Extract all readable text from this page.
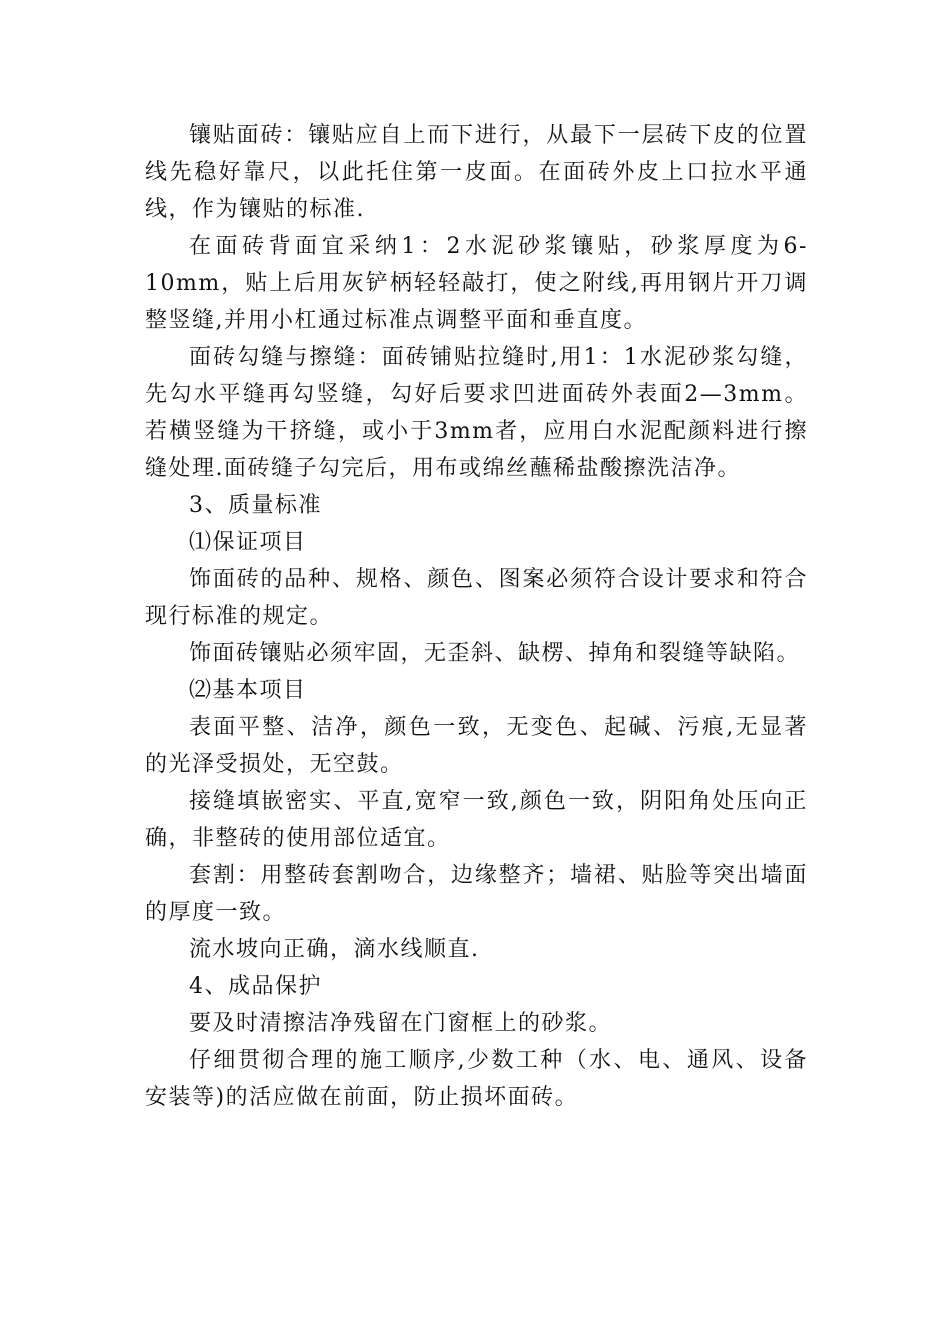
镶贴面砖：镶贴应自上而下进行，从最下一层砖下皮的位置线先稳好靠尺，以此托住第一皮面。在面砖外皮上口拉水平通线，作为镶贴的标准.

在面砖背面宜采纳1：2水泥砂浆镶贴，砂浆厚度为6-10mm，贴上后用灰铲柄轻轻敲打，使之附线,再用钢片开刀调整竖缝,并用小杠通过标准点调整平面和垂直度。

面砖勾缝与擦缝：面砖铺贴拉缝时,用1：1水泥砂浆勾缝，先勾水平缝再勾竖缝，勾好后要求凹进面砖外表面2—3mm。若横竖缝为干挤缝，或小于3mm者，应用白水泥配颜料进行擦缝处理.面砖缝子勾完后，用布或绵丝蘸稀盐酸擦洗洁净。

3、质量标准

⑴保证项目

饰面砖的品种、规格、颜色、图案必须符合设计要求和符合现行标准的规定。

饰面砖镶贴必须牢固，无歪斜、缺楞、掉角和裂缝等缺陷。

⑵基本项目

表面平整、洁净，颜色一致，无变色、起碱、污痕,无显著的光泽受损处，无空鼓。

接缝填嵌密实、平直,宽窄一致,颜色一致，阴阳角处压向正确，非整砖的使用部位适宜。

套割：用整砖套割吻合，边缘整齐；墙裙、贴脸等突出墙面的厚度一致。

流水坡向正确，滴水线顺直.

4、成品保护

要及时清擦洁净残留在门窗框上的砂浆。

仔细贯彻合理的施工顺序,少数工种（水、电、通风、设备安装等)的活应做在前面，防止损坏面砖。
